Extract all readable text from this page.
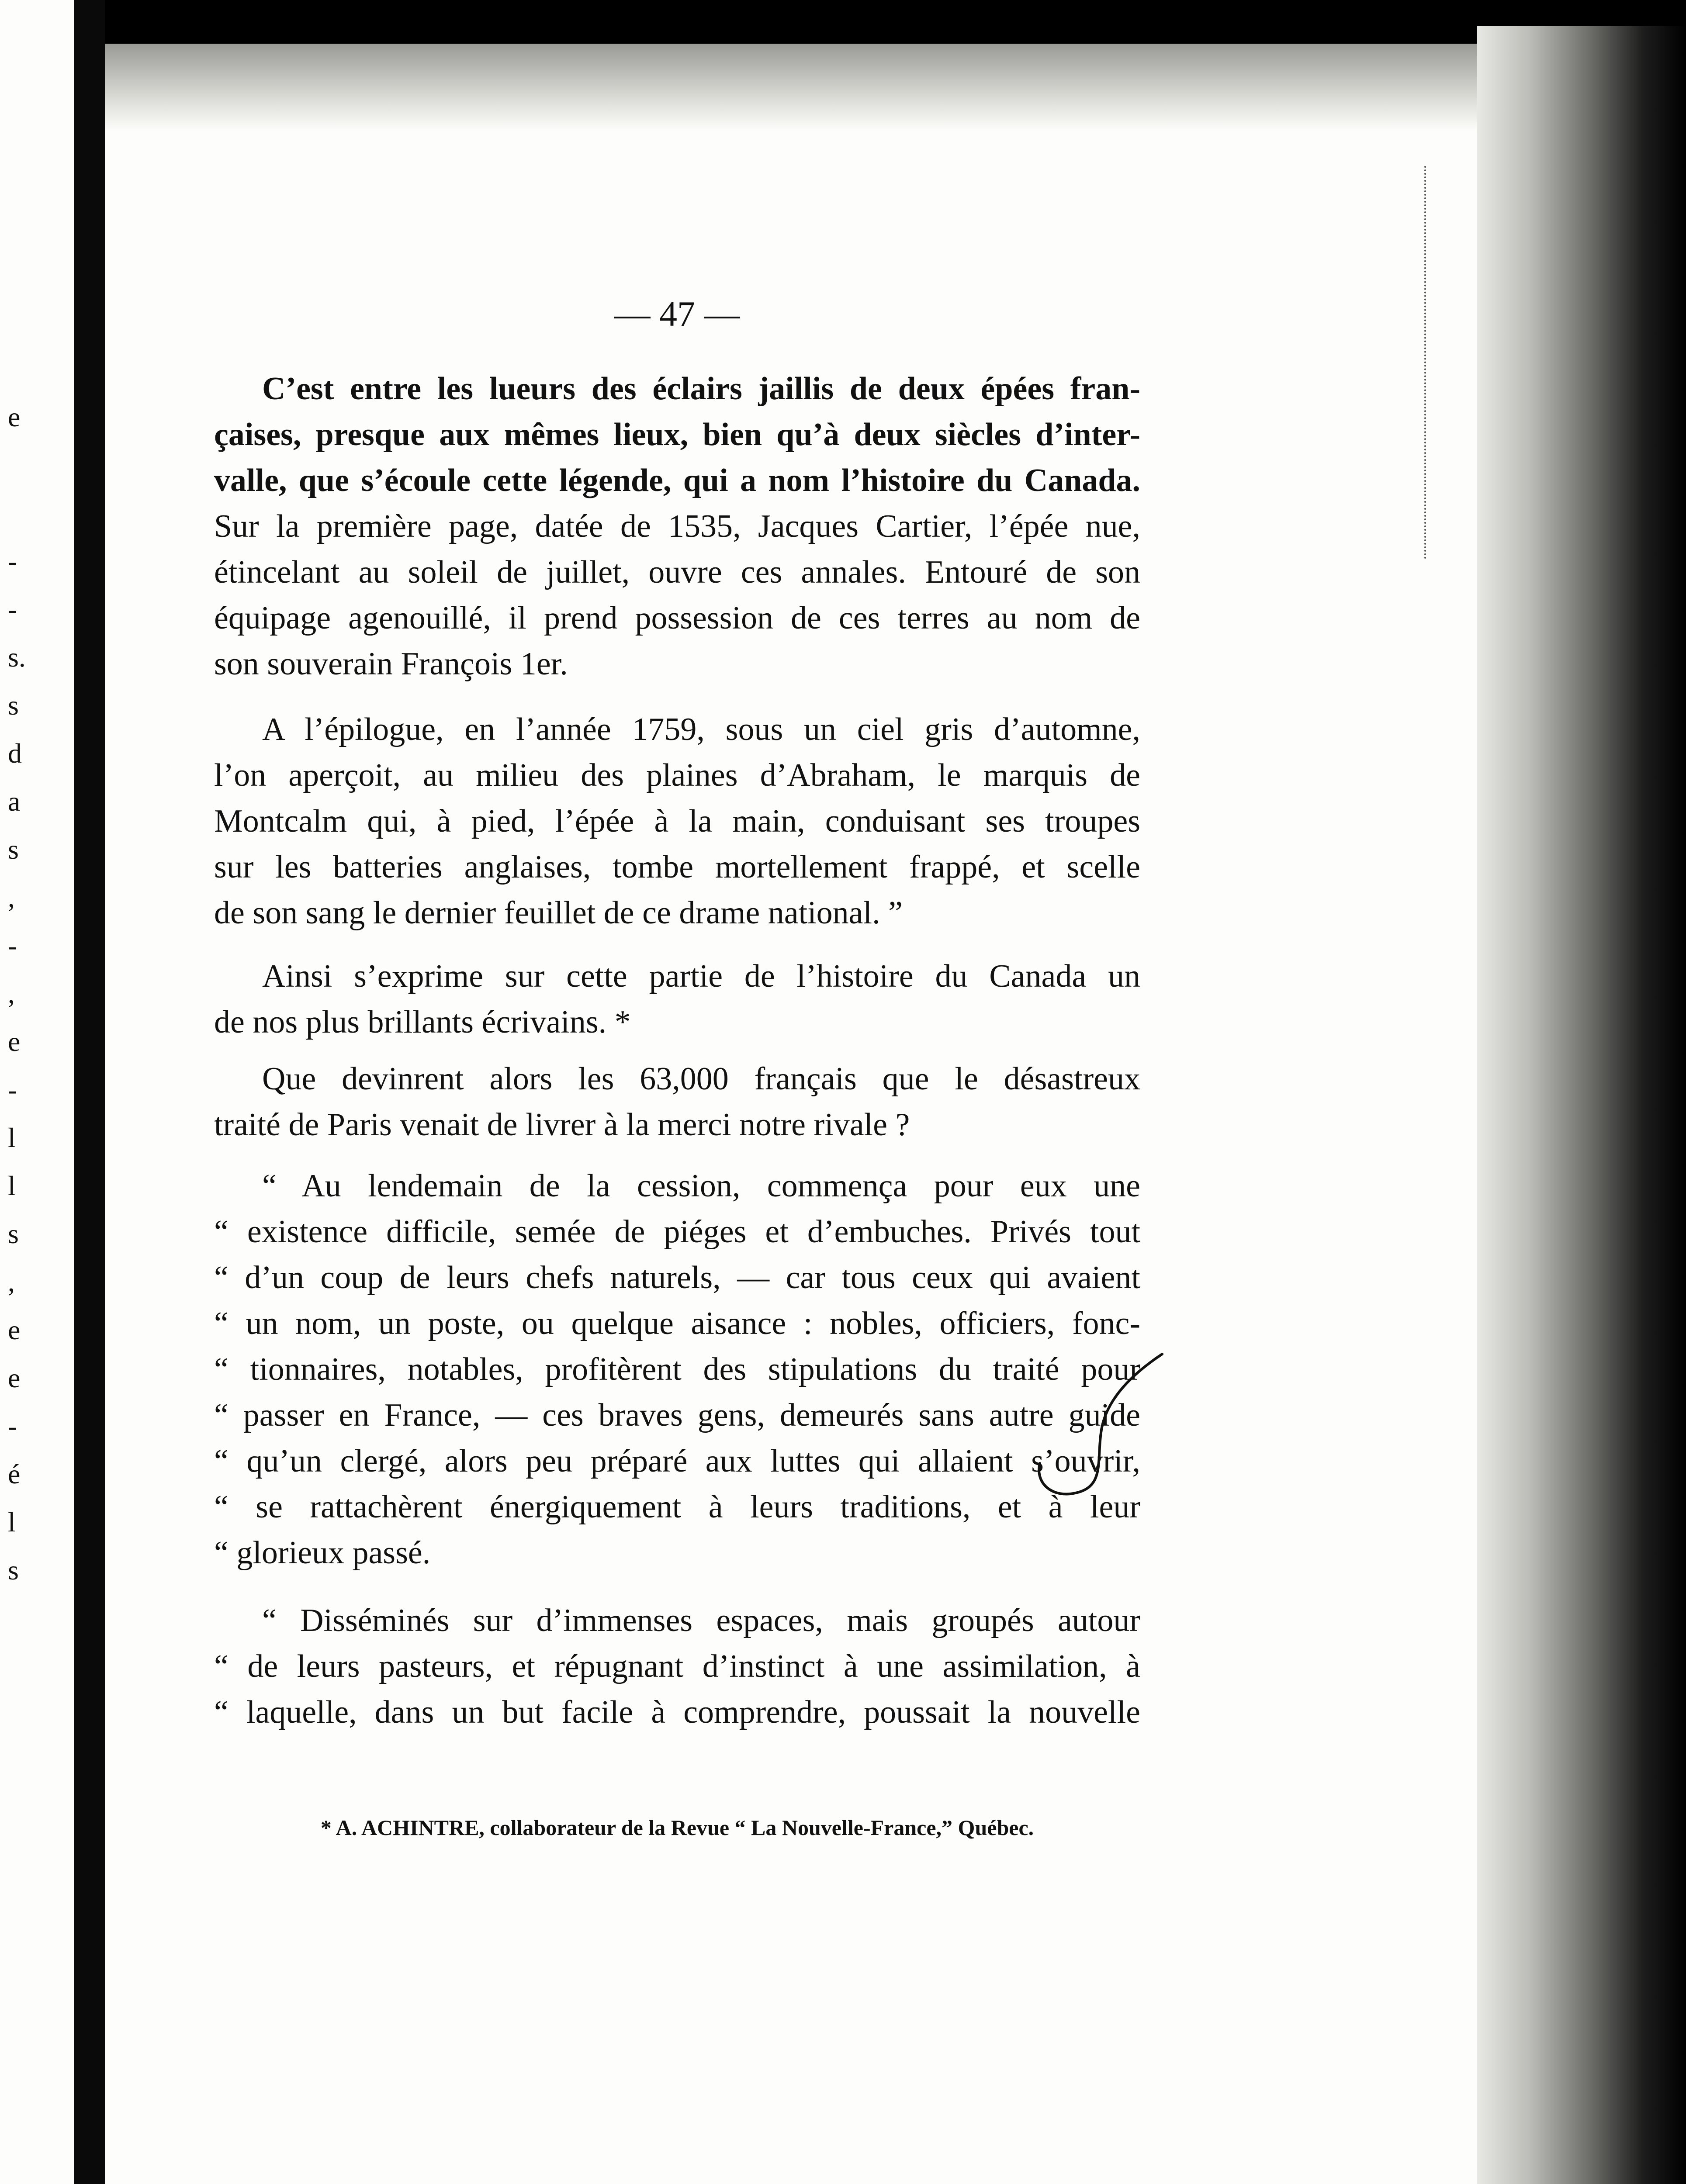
e
-
-
s.
s
d
a
s
,
-
,
e
-
l
l
s
,
e
e
-
é
l
s
— 47 —
C’est entre les lueurs des éclairs jaillis de deux épées fran-
çaises, presque aux mêmes lieux, bien qu’à deux siècles d’inter-
valle, que s’écoule cette légende, qui a nom l’histoire du Canada.
Sur la première page, datée de 1535, Jacques Cartier, l’épée nue,
étincelant au soleil de juillet, ouvre ces annales. Entouré de son
équipage agenouillé, il prend possession de ces terres au nom de
son souverain François 1er.
A l’épilogue, en l’année 1759, sous un ciel gris d’automne,
l’on aperçoit, au milieu des plaines d’Abraham, le marquis de
Montcalm qui, à pied, l’épée à la main, conduisant ses troupes
sur les batteries anglaises, tombe mortellement frappé, et scelle
de son sang le dernier feuillet de ce drame national. ”
Ainsi s’exprime sur cette partie de l’histoire du Canada un
de nos plus brillants écrivains. *
Que devinrent alors les 63,000 français que le désastreux
traité de Paris venait de livrer à la merci notre rivale ?
“ Au lendemain de la cession, commença pour eux une
“ existence difficile, semée de piéges et d’embuches. Privés tout
“ d’un coup de leurs chefs naturels, — car tous ceux qui avaient
“ un nom, un poste, ou quelque aisance : nobles, officiers, fonc-
“ tionnaires, notables, profitèrent des stipulations du traité pour
“ passer en France, — ces braves gens, demeurés sans autre guide
“ qu’un clergé, alors peu préparé aux luttes qui allaient s’ouvrir,
“ se rattachèrent énergiquement à leurs traditions, et à leur
“ glorieux passé.
“ Disséminés sur d’immenses espaces, mais groupés autour
“ de leurs pasteurs, et répugnant d’instinct à une assimilation, à
“ laquelle, dans un but facile à comprendre, poussait la nouvelle
* A. ACHINTRE, collaborateur de la Revue “ La Nouvelle-France,” Québec.
